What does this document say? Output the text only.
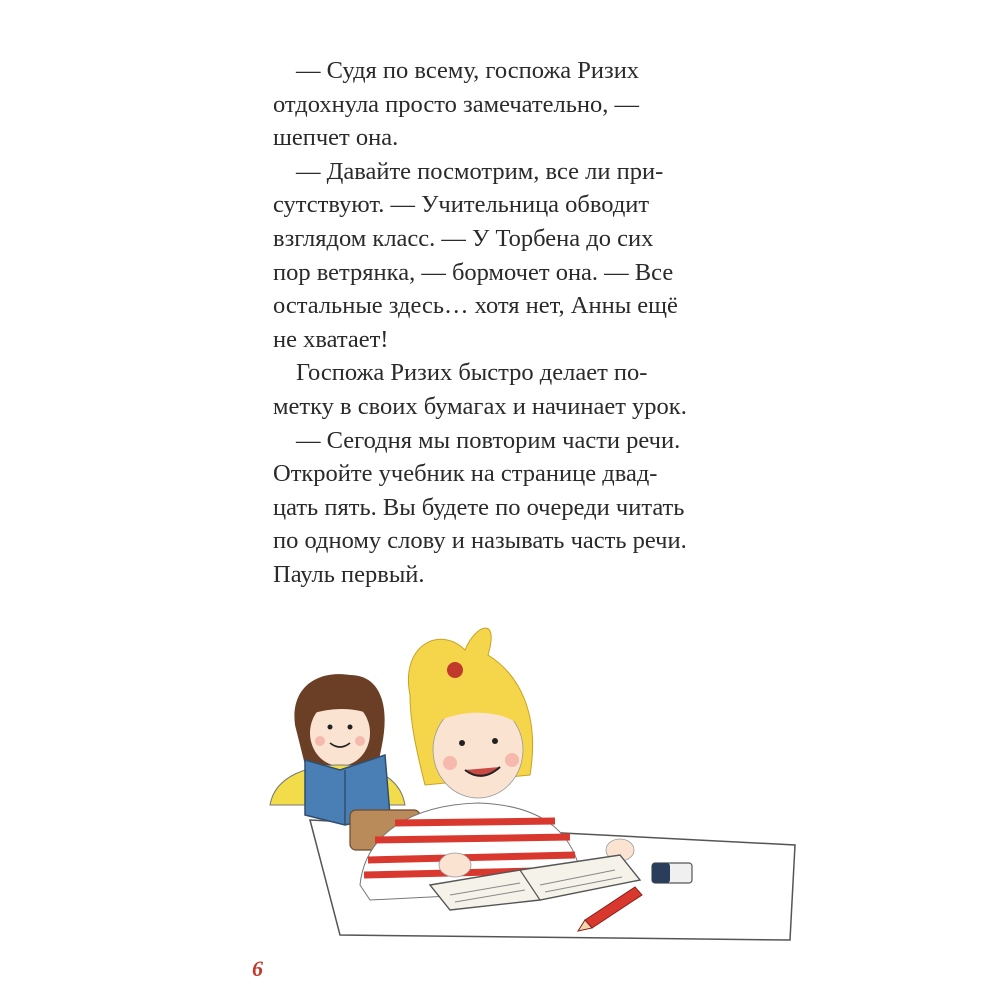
— Судя по всему, госпожа Ризих
отдохнула просто замечательно, —
шепчет она.
— Давайте посмотрим, все ли при-
сутствуют. — Учительница обводит
взглядом класс. — У Торбена до сих
пор ветрянка, — бормочет она. — Все
остальные здесь… хотя нет, Анны ещё
не хватает!
Госпожа Ризих быстро делает по-
метку в своих бумагах и начинает урок.
— Сегодня мы повторим части речи.
Откройте учебник на странице двад-
цать пять. Вы будете по очереди читать
по одному слову и называть часть речи.
Пауль первый.
6
